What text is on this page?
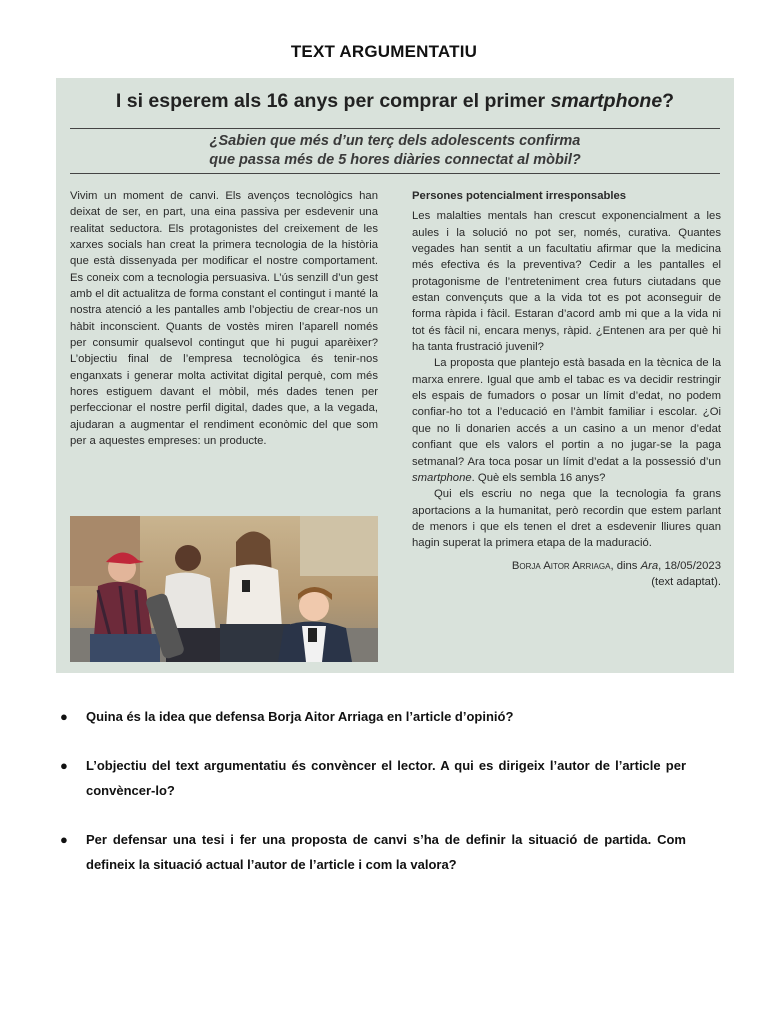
TEXT ARGUMENTATIU
I si esperem als 16 anys per comprar el primer smartphone?
¿Sabien que més d’un terç dels adolescents confirma
que passa més de 5 hores diàries connectat al mòbil?

Vivim un moment de canvi. Els avenços tecnològics han deixat de ser, en part, una eina passiva per esdevenir una realitat seductora. Els protagonistes del creixement de les xarxes socials han creat la primera tecnologia de la història que està dissenyada per modificar el nostre comportament. Es coneix com a tecnologia persuasiva. L’ús senzill d’un gest amb el dit actualitza de forma constant el contingut i manté la nostra atenció a les pantalles amb l’objectiu de crear-nos un hàbit inconscient. Quants de vostès miren l’aparell només per consumir qualsevol contingut que hi pugui aparèixer? L’objectiu final de l’empresa tecnològica és tenir-nos enganxats i generar molta activitat digital perquè, com més hores estiguem davant el mòbil, més dades tenen per perfeccionar el nostre perfil digital, dades que, a la vegada, ajudaran a augmentar el rendiment econòmic del que som per a aquestes empreses: un producte.

Persones potencialment irresponsables

Les malalties mentals han crescut exponencialment a les aules i la solució no pot ser, només, curativa. Quantes vegades han sentit a un facultatiu afirmar que la medicina més efectiva és la preventiva? Cedir a les pantalles el protagonisme de l’entreteniment crea futurs ciutadans que estan convençuts que a la vida tot es pot aconseguir de forma ràpida i fàcil. Estaran d’acord amb mi que a la vida ni tot és fàcil ni, encara menys, ràpid. ¿Entenen ara per què hi ha tanta frustració juvenil?

La proposta que plantejo està basada en la tècnica de la marxa enrere. Igual que amb el tabac es va decidir restringir els espais de fumadors o posar un límit d’edat, no podem confiar-ho tot a l’educació en l’àmbit familiar i escolar. ¿Oi que no li donarien accés a un casino a un menor d’edat confiant que els valors el portin a no jugar-se la paga setmanal? Ara toca posar un límit d’edat a la possessió d’un smartphone. Què els sembla 16 anys?

Qui els escriu no nega que la tecnologia fa grans aportacions a la humanitat, però recordin que estem parlant de menors i que els tenen el dret a esdevenir lliures quan hagin superat la primera etapa de la maduració.

Borja Aitor Arriaga, dins Ara, 18/05/2023
(text adaptat).
● Quina és la idea que defensa Borja Aitor Arriaga en l’article d’opinió?
● L’objectiu del text argumentatiu és convèncer el lector. A qui es dirigeix l’autor de l’article per convèncer-lo?
● Per defensar una tesi i fer una proposta de canvi s’ha de definir la situació de partida. Com defineix la situació actual l’autor de l’article i com la valora?
